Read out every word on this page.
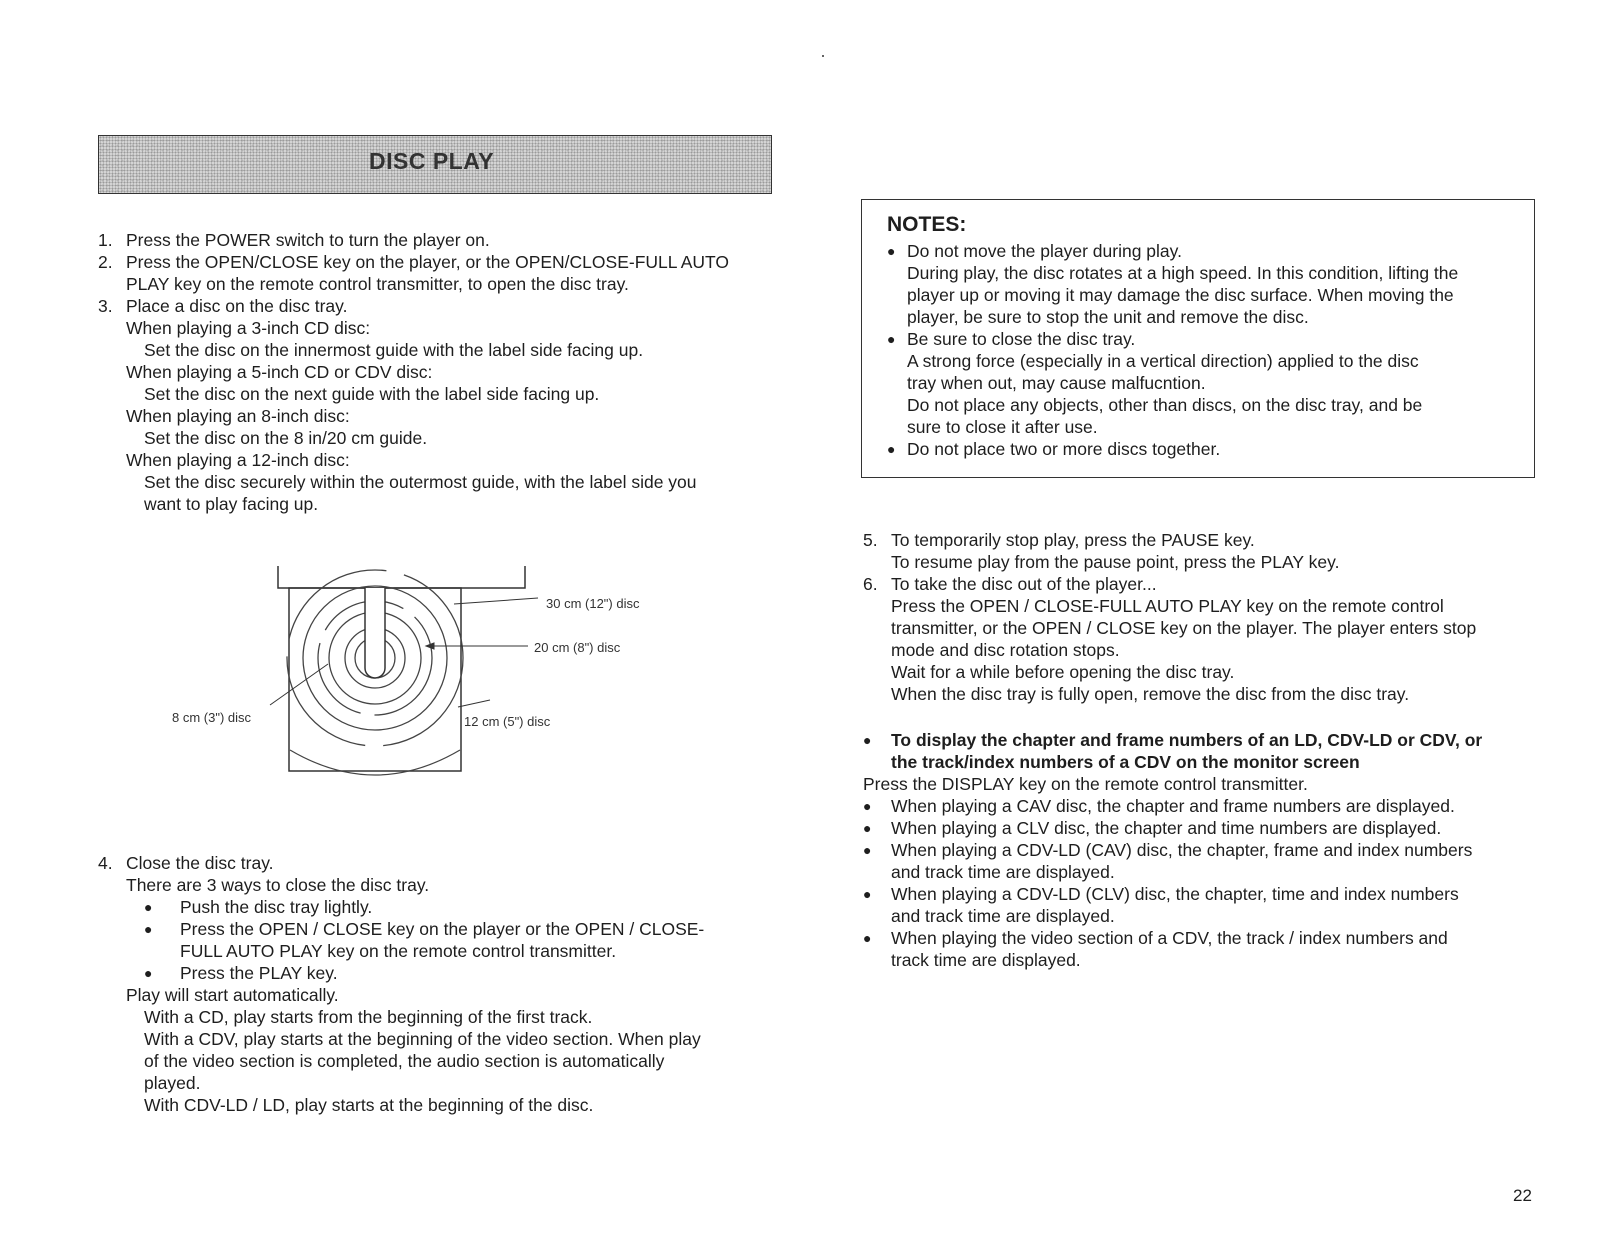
DISC PLAY
1. Press the POWER switch to turn the player on.
2. Press the OPEN/CLOSE key on the player, or the OPEN/CLOSE-FULL AUTO
PLAY key on the remote control transmitter, to open the disc tray.
3. Place a disc on the disc tray.
When playing a 3-inch CD disc:
Set the disc on the innermost guide with the label side facing up.
When playing a 5-inch CD or CDV disc:
Set the disc on the next guide with the label side facing up.
When playing an 8-inch disc:
Set the disc on the 8 in/20 cm guide.
When playing a 12-inch disc:
Set the disc securely within the outermost guide, with the label side you
want to play facing up.
30 cm (12") disc
20 cm (8") disc
8 cm (3") disc	12 cm (5") disc
4. Close the disc tray.
There are 3 ways to close the disc tray.
● Push the disc tray lightly.
● Press the OPEN / CLOSE key on the player or the OPEN / CLOSE-
FULL AUTO PLAY key on the remote control transmitter.
● Press the PLAY key.
Play will start automatically.
With a CD, play starts from the beginning of the first track.
With a CDV, play starts at the beginning of the video section. When play
of the video section is completed, the audio section is automatically
played.
With CDV-LD / LD, play starts at the beginning of the disc.
NOTES:
● Do not move the player during play.
During play, the disc rotates at a high speed. In this condition, lifting the
player up or moving it may damage the disc surface. When moving the
player, be sure to stop the unit and remove the disc.
● Be sure to close the disc tray.
A strong force (especially in a vertical direction) applied to the disc
tray when out, may cause malfucntion.
Do not place any objects, other than discs, on the disc tray, and be
sure to close it after use.
● Do not place two or more discs together.
5. To temporarily stop play, press the PAUSE key.
To resume play from the pause point, press the PLAY key.
6. To take the disc out of the player...
Press the OPEN / CLOSE-FULL AUTO PLAY key on the remote control
transmitter, or the OPEN / CLOSE key on the player. The player enters stop
mode and disc rotation stops.
Wait for a while before opening the disc tray.
When the disc tray is fully open, remove the disc from the disc tray.
● To display the chapter and frame numbers of an LD, CDV-LD or CDV, or
the track/index numbers of a CDV on the monitor screen
Press the DISPLAY key on the remote control transmitter.
● When playing a CAV disc, the chapter and frame numbers are displayed.
● When playing a CLV disc, the chapter and time numbers are displayed.
● When playing a CDV-LD (CAV) disc, the chapter, frame and index numbers
and track time are displayed.
● When playing a CDV-LD (CLV) disc, the chapter, time and index numbers
and track time are displayed.
● When playing the video section of a CDV, the track / index numbers and
track time are displayed.
22
